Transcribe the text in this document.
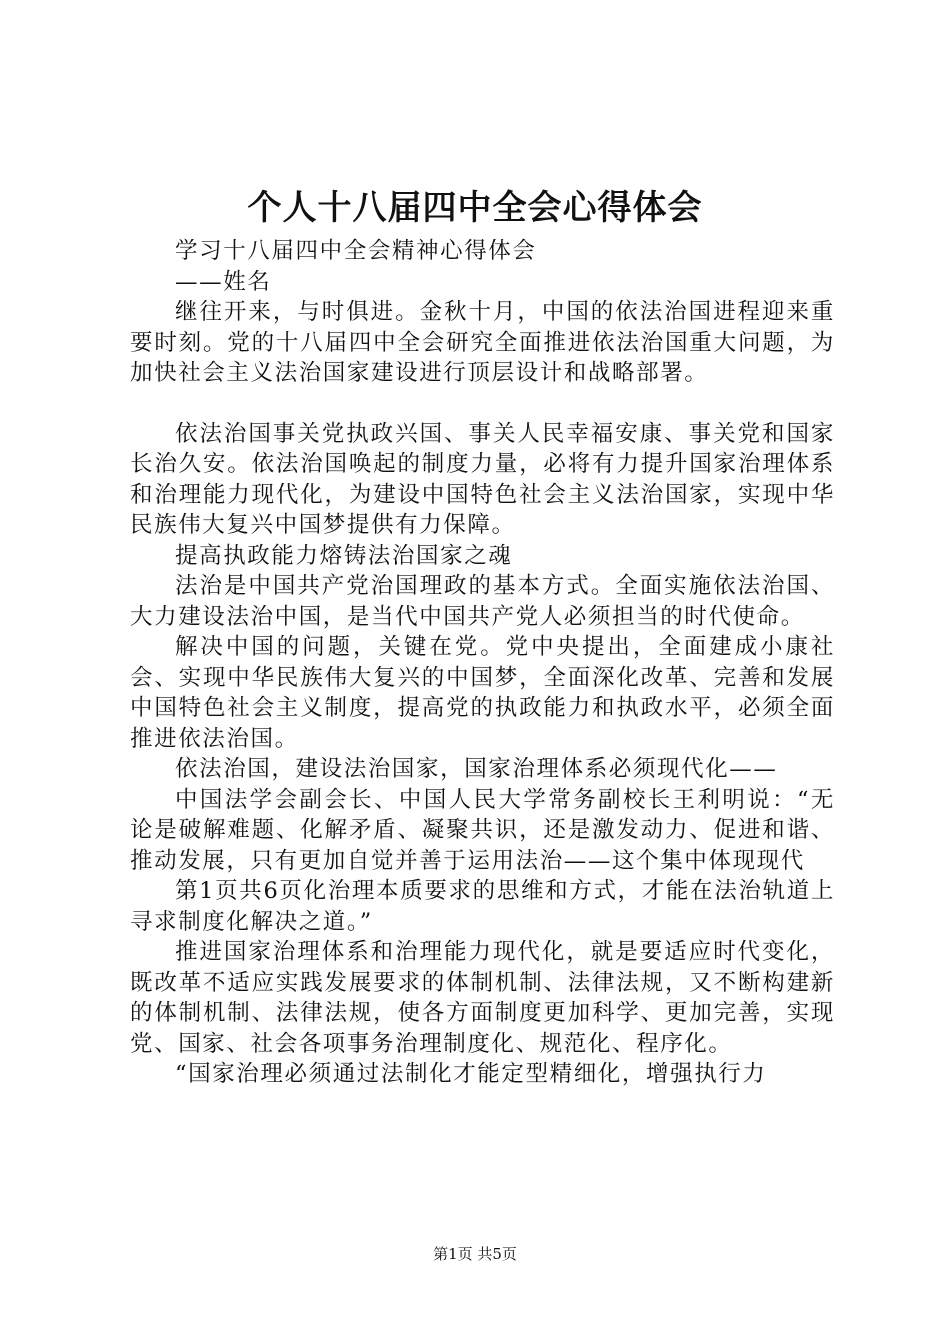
个人十八届四中全会心得体会

学习十八届四中全会精神心得体会

——姓名

继往开来，与时俱进。金秋十月，中国的依法治国进程迎来重要时刻。党的十八届四中全会研究全面推进依法治国重大问题，为加快社会主义法治国家建设进行顶层设计和战略部署。

依法治国事关党执政兴国、事关人民幸福安康、事关党和国家长治久安。依法治国唤起的制度力量，必将有力提升国家治理体系和治理能力现代化，为建设中国特色社会主义法治国家，实现中华民族伟大复兴中国梦提供有力保障。

提高执政能力熔铸法治国家之魂

法治是中国共产党治国理政的基本方式。全面实施依法治国、大力建设法治中国，是当代中国共产党人必须担当的时代使命。

解决中国的问题，关键在党。党中央提出，全面建成小康社会、实现中华民族伟大复兴的中国梦，全面深化改革、完善和发展中国特色社会主义制度，提高党的执政能力和执政水平，必须全面推进依法治国。

依法治国，建设法治国家，国家治理体系必须现代化——

中国法学会副会长、中国人民大学常务副校长王利明说：“无论是破解难题、化解矛盾、凝聚共识，还是激发动力、促进和谐、推动发展，只有更加自觉并善于运用法治——这个集中体现现代

第1页共6页化治理本质要求的思维和方式，才能在法治轨道上寻求制度化解决之道。”

推进国家治理体系和治理能力现代化，就是要适应时代变化，既改革不适应实践发展要求的体制机制、法律法规，又不断构建新的体制机制、法律法规，使各方面制度更加科学、更加完善，实现党、国家、社会各项事务治理制度化、规范化、程序化。

“国家治理必须通过法制化才能定型精细化，增强执行力

第1页 共5页
